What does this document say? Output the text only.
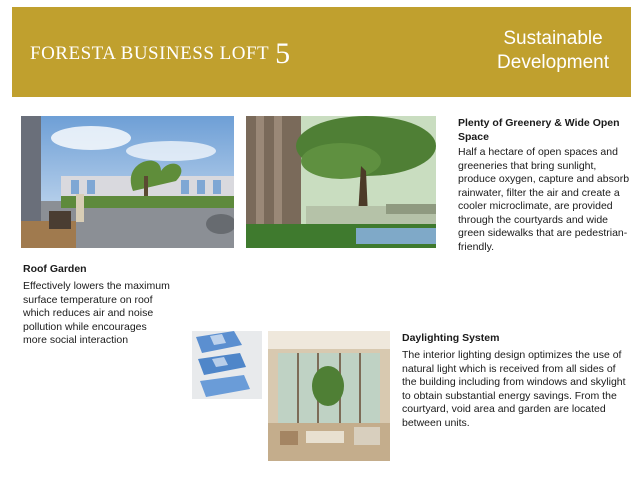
FORESTA BUSINESS LOFT 5	Sustainable
Development
Roof Garden
Effectively lowers the maximum surface temperature on roof which reduces air and noise pollution while encourages more social interaction
Plenty of Greenery & Wide Open Space
Half a hectare of open spaces and greeneries that bring sunlight, produce oxygen, capture and absorb rainwater, filter the air and create a cooler microclimate, are provided through the courtyards and wide green sidewalks that are pedestrian-friendly.
Daylighting System
The interior lighting design optimizes the use of natural light which is received from all sides of the building including from windows and skylight to obtain substantial energy savings. From the courtyard, void area and garden are located between units.
